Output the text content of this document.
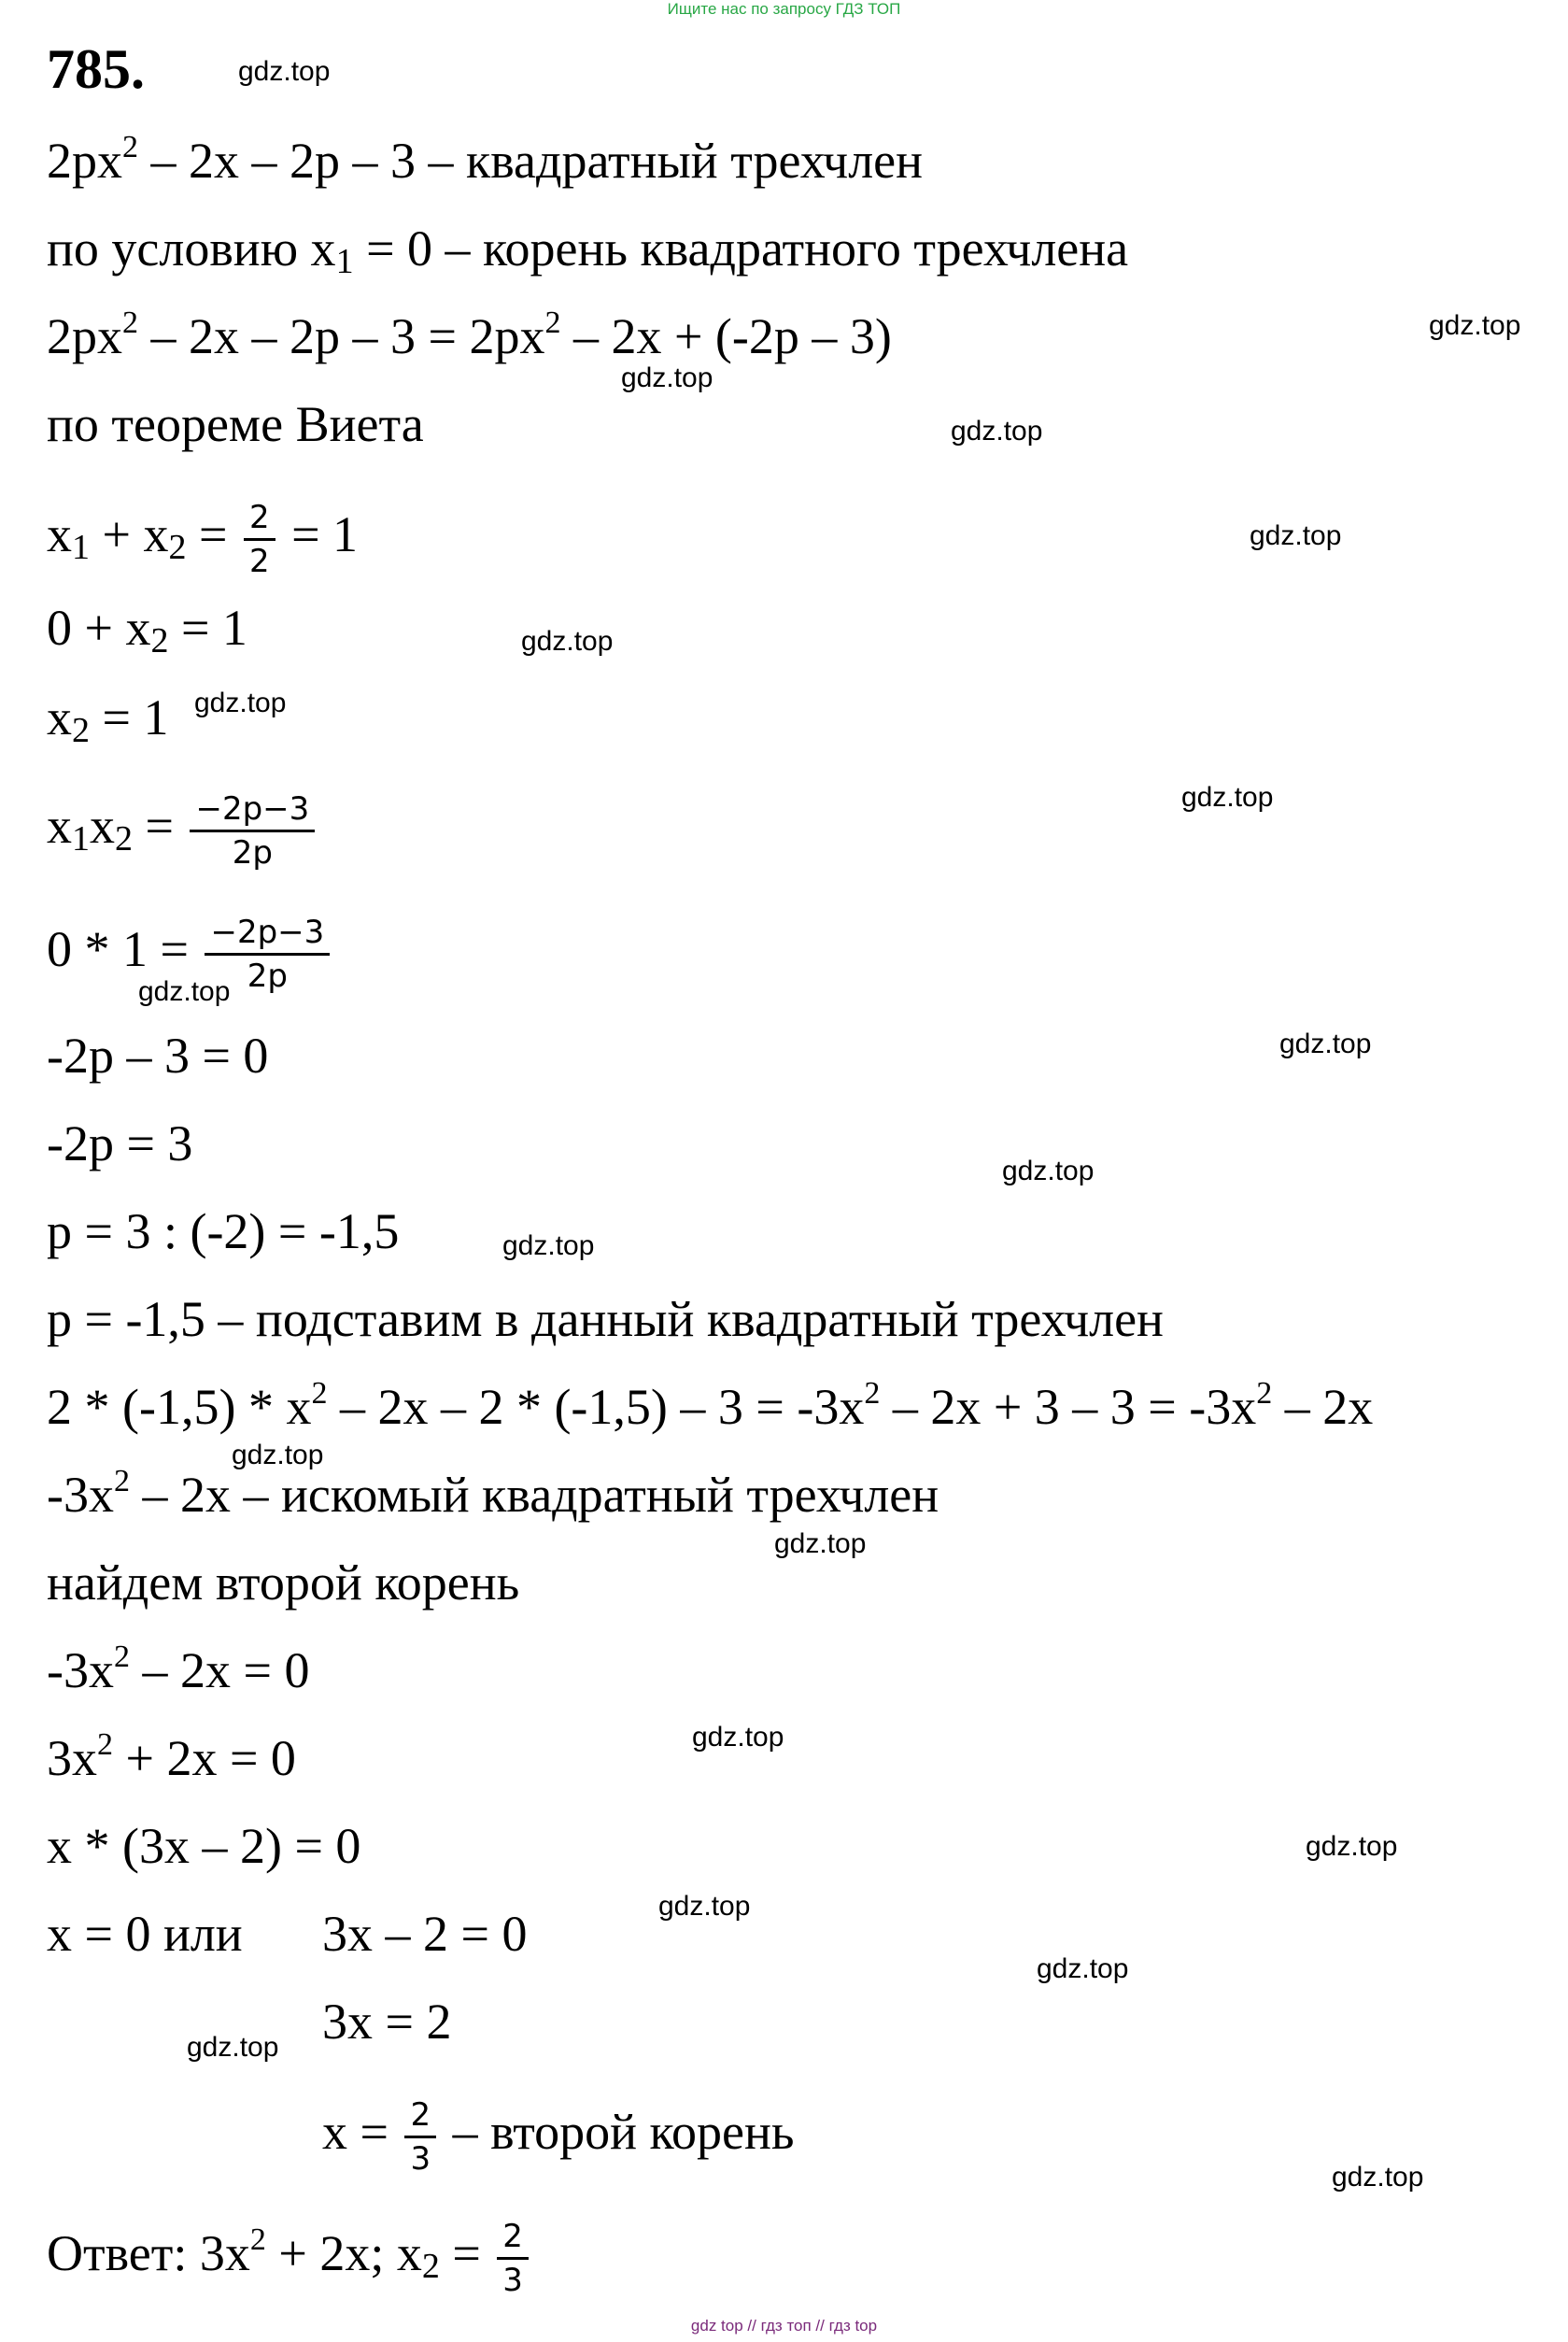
Ищите нас по запросу ГДЗ ТОП
785.
$2px^2 - 2x - 2p - 3$ – квадратный трехчлен
по условию $x_1 = 0$ – корень квадратного трехчлена
$2px^2 - 2x - 2p - 3 = 2px^2 - 2x + (-2p - 3)$
по теореме Виета
$x_1 + x_2 = \frac{2}{2} = 1$
$0 + x_2 = 1$
$x_2 = 1$
$x_1x_2 = \frac{-2p-3}{2p}$
$0 * 1 = \frac{-2p-3}{2p}$
-2p – 3 = 0
-2p = 3
p = 3 : (-2) = -1,5
p = -1,5 – подставим в данный квадратный трехчлен
$2 * (-1,5) * x^2 - 2x - 2 * (-1,5) - 3 = -3x^2 - 2x + 3 - 3 = -3x^2 - 2x$
$-3x^2 - 2x$ – искомый квадратный трехчлен
найдем второй корень
$-3x^2 - 2x = 0$
$3x^2 + 2x = 0$
x * (3x – 2) = 0
x = 0 или 3x – 2 = 0
3x = 2
$x = \frac{2}{3}$ – второй корень
Ответ: $3x^2 + 2x$; $x_2 = \frac{2}{3}$
gdz.top
gdz.top
gdz.top
gdz.top
gdz.top
gdz.top
gdz.top
gdz.top
gdz.top
gdz.top
gdz.top
gdz.top
gdz.top
gdz.top
gdz.top
gdz.top
gdz.top
gdz.top
gdz.top
gdz.top
gdz top // гдз топ // гдз top
